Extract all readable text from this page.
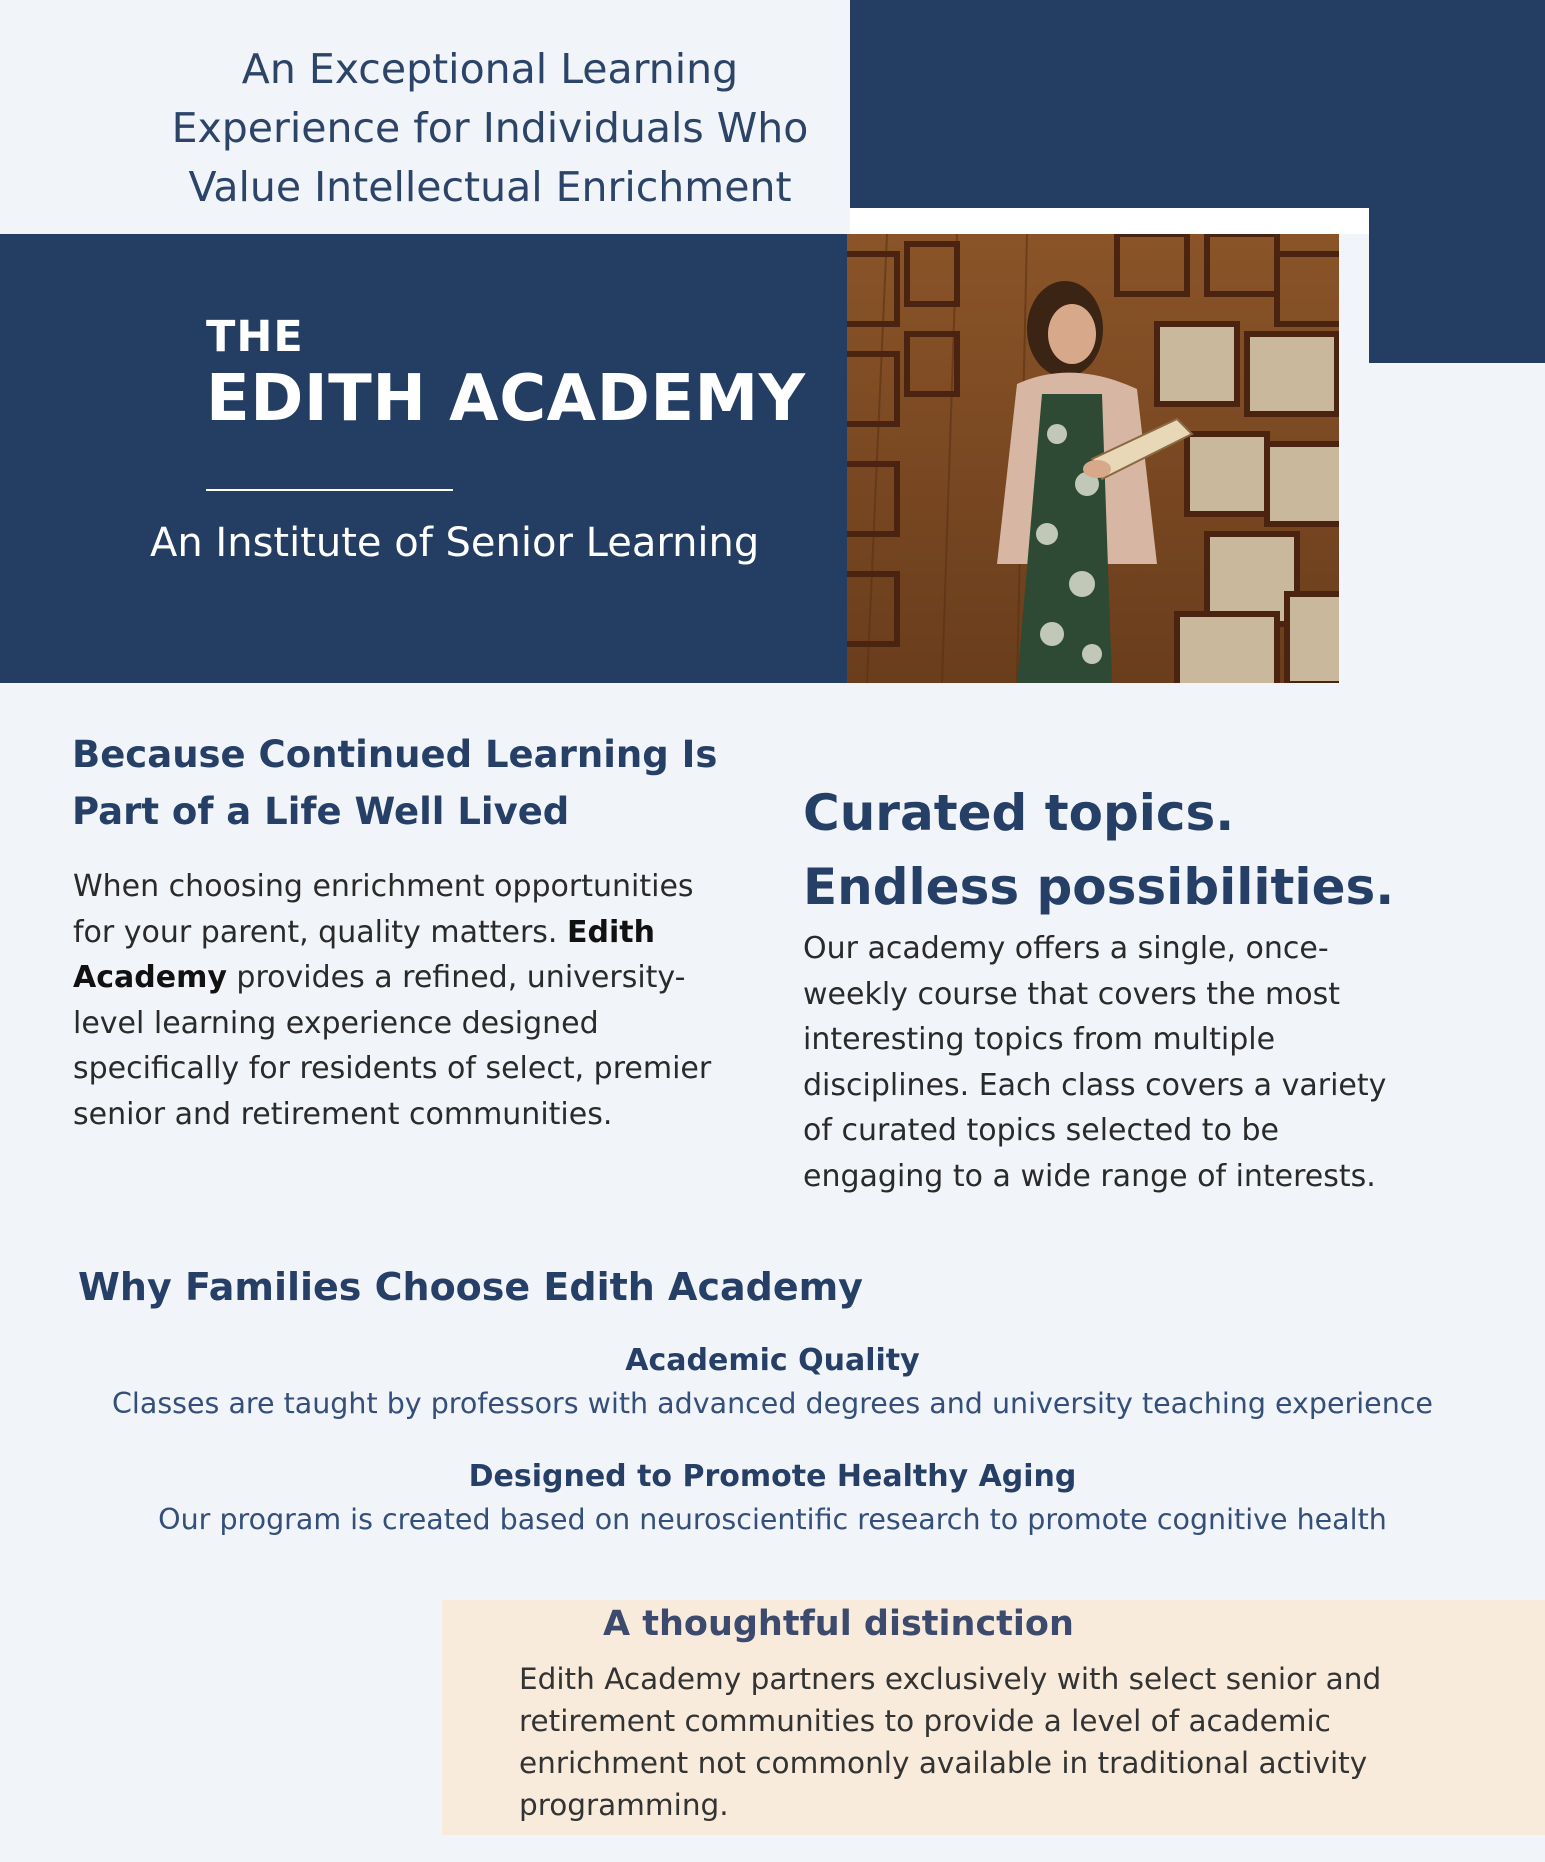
An Exceptional Learning
Experience for Individuals Who
Value Intellectual Enrichment
THE
EDITH ACADEMY
An Institute of Senior Learning
Because Continued Learning Is
Part of a Life Well Lived

When choosing enrichment opportunities for your parent, quality matters. Edith Academy provides a refined, university-level learning experience designed specifically for residents of select, premier senior and retirement communities.

Curated topics.
Endless possibilities.

Our academy offers a single, once-weekly course that covers the most interesting topics from multiple disciplines. Each class covers a variety of curated topics selected to be engaging to a wide range of interests.

Why Families Choose Edith Academy
Academic Quality

Classes are taught by professors with advanced degrees and university teaching experience

Designed to Promote Healthy Aging

Our program is created based on neuroscientific research to promote cognitive health

A thoughtful distinction

Edith Academy partners exclusively with select senior and retirement communities to provide a level of academic enrichment not commonly available in traditional activity programming.
